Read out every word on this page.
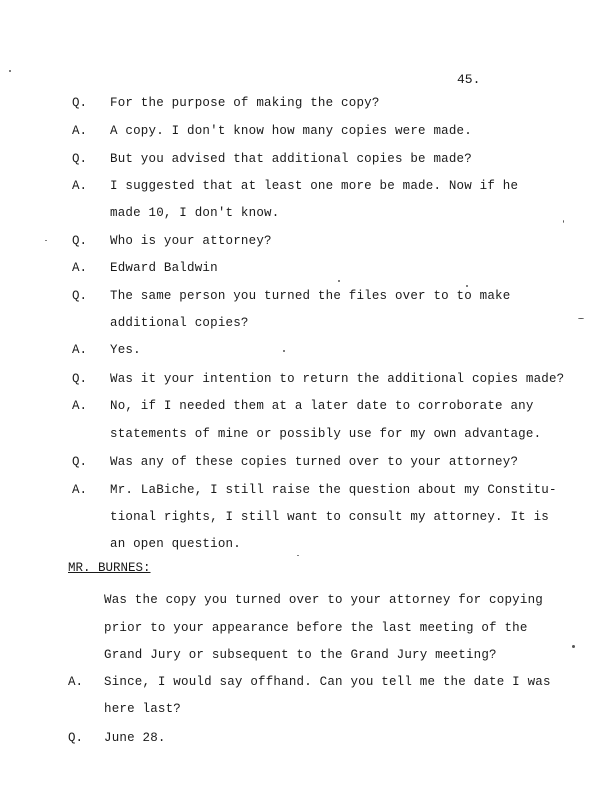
45.
Q. For the purpose of making the copy?
A. A copy. I don't know how many copies were made.
Q. But you advised that additional copies be made?
A. I suggested that at least one more be made. Now if he
made 10, I don't know.
Q. Who is your attorney?
A. Edward Baldwin
Q. The same person you turned the files over to to make
additional copies?
A. Yes.
Q. Was it your intention to return the additional copies made?
A. No, if I needed them at a later date to corroborate any
statements of mine or possibly use for my own advantage.
Q. Was any of these copies turned over to your attorney?
A. Mr. LaBiche, I still raise the question about my Constitu-
tional rights, I still want to consult my attorney. It is
an open question.
MR. BURNES:
Was the copy you turned over to your attorney for copying
prior to your appearance before the last meeting of the
Grand Jury or subsequent to the Grand Jury meeting?
A. Since, I would say offhand. Can you tell me the date I was
here last?
Q. June 28.
